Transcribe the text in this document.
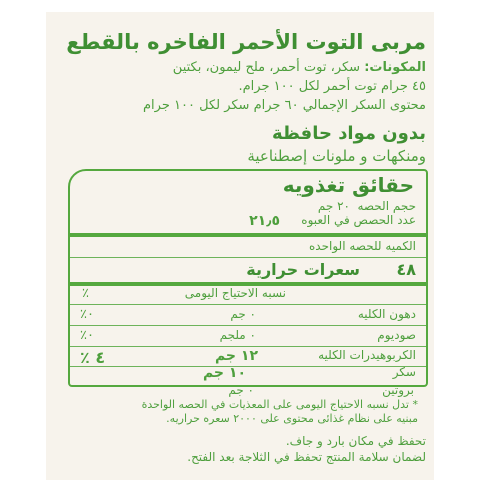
مربى التوت الأحمر الفاخره بالقطع
المكونات: سكر، توت أحمر، ملح ليمون، بكتين
٤٥ جرام توت أحمر لكل ١٠٠ جرام.
محتوى السكر الإجمالي ٦٠ جرام سكر لكل ١٠٠ جرام
بدون مواد حافظة
ومنكهات و ملونات إصطناعية
حقائق تغذويه
حجم الحصه
٢٠ جم
عدد الحصص في العبوه
٢١٫٥
الكميه للحصه الواحده
سعرات حرارية ٤٨
نسبه الاحتياج اليومى
٪
دهون الكليه
٠ جم
٪٠
صوديوم
٠ ملجم
٪٠
الكربوهيدرات الكليه
١٢ جم
٪ ٤
سكر
١٠ جم
بروتين
٠ جم
* تدل نسبه الاحتياج اليومى على المعذيات في الحصه الواحدة
مبنيه على نظام غذائى محتوى على ٢٠٠٠ سعره حراريه.
تحفظ في مكان بارد و جاف.
لضمان سلامة المنتج تحفظ في الثلاجة بعد الفتح.
